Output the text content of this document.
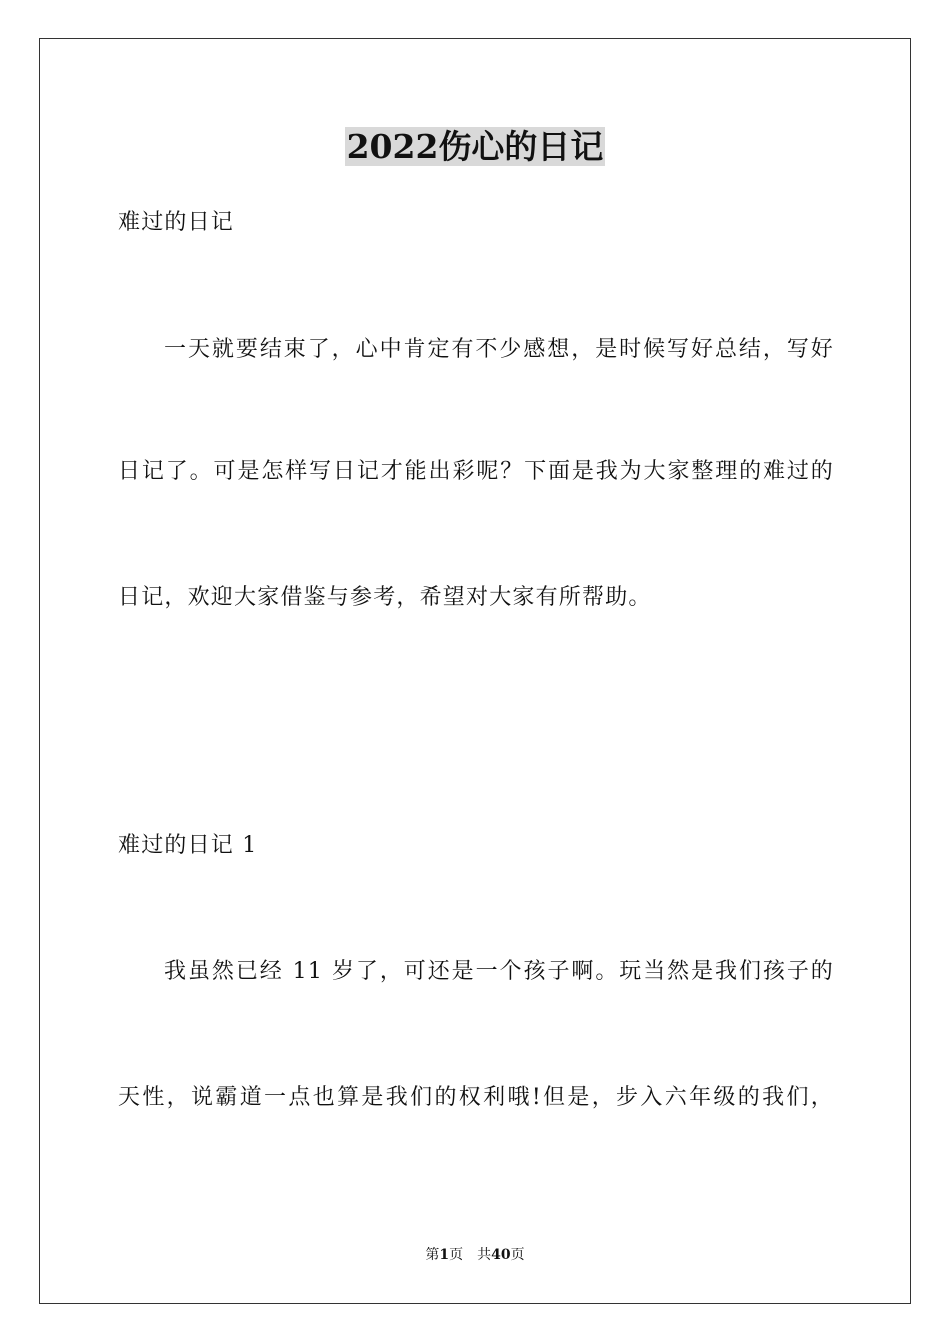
2022伤心的日记
难过的日记
一天就要结束了，心中肯定有不少感想，是时候写好总结，写好
日记了。可是怎样写日记才能出彩呢？下面是我为大家整理的难过的
日记，欢迎大家借鉴与参考，希望对大家有所帮助。
难过的日记 1
我虽然已经 11 岁了，可还是一个孩子啊。玩当然是我们孩子的
天性，说霸道一点也算是我们的权利哦!但是，步入六年级的我们，
第1页　共40页
